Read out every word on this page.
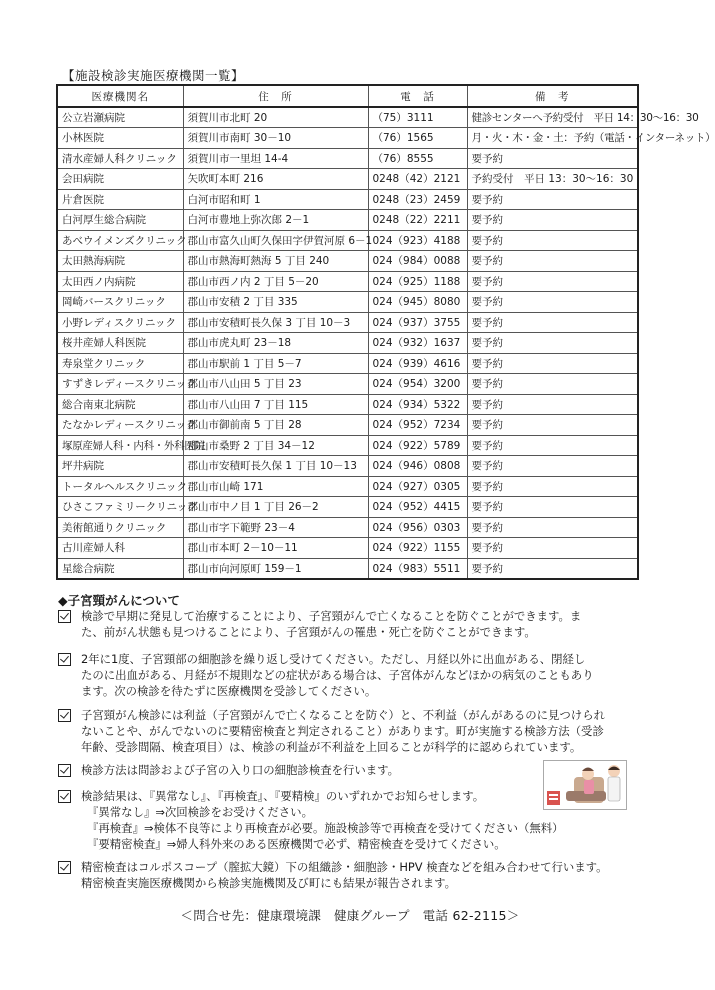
【施設検診実施医療機関一覧】
医療機関名	住　所	電　話	備　考
公立岩瀬病院	須賀川市北町 20	（75）3111	健診センターへ予約受付　平日 14：30～16：30
小林医院	須賀川市南町 30－10	（76）1565	月・火・木・金・土：予約（電話・インターネット）
清水産婦人科クリニック	須賀川市一里坦 14-4	（76）8555	要予約
会田病院	矢吹町本町 216	0248（42）2121	予約受付　平日 13：30～16：30
片倉医院	白河市昭和町 1	0248（23）2459	要予約
白河厚生総合病院	白河市豊地上弥次郎 2－1	0248（22）2211	要予約
あべウイメンズクリニック	郡山市富久山町久保田字伊賀河原 6－1	024（923）4188	要予約
太田熱海病院	郡山市熱海町熱海 5 丁目 240	024（984）0088	要予約
太田西ノ内病院	郡山市西ノ内 2 丁目 5－20	024（925）1188	要予約
岡崎バースクリニック	郡山市安積 2 丁目 335	024（945）8080	要予約
小野レディスクリニック	郡山市安積町長久保 3 丁目 10－3	024（937）3755	要予約
桜井産婦人科医院	郡山市虎丸町 23－18	024（932）1637	要予約
寿泉堂クリニック	郡山市駅前 1 丁目 5－7	024（939）4616	要予約
すずきレディースクリニック	郡山市八山田 5 丁目 23	024（954）3200	要予約
総合南東北病院	郡山市八山田 7 丁目 115	024（934）5322	要予約
たなかレディースクリニック	郡山市御前南 5 丁目 28	024（952）7234	要予約
塚原産婦人科・内科・外科医院	郡山市桑野 2 丁目 34－12	024（922）5789	要予約
坪井病院	郡山市安積町長久保 1 丁目 10－13	024（946）0808	要予約
トータルヘルスクリニック	郡山市山崎 171	024（927）0305	要予約
ひさこファミリークリニック	郡山市中ノ目 1 丁目 26－2	024（952）4415	要予約
美術館通りクリニック	郡山市字下範野 23－4	024（956）0303	要予約
古川産婦人科	郡山市本町 2－10－11	024（922）1155	要予約
星総合病院	郡山市向河原町 159－1	024（983）5511	要予約
◆子宮頸がんについて
検診で早期に発見して治療することにより、子宮頸がんで亡くなることを防ぐことができます。ま
た、前がん状態も見つけることにより、子宮頸がんの罹患・死亡を防ぐことができます。
2年に1度、子宮頸部の細胞診を繰り返し受けてください。ただし、月経以外に出血がある、閉経し
たのに出血がある、月経が不規則などの症状がある場合は、子宮体がんなどほかの病気のこともあり
ます。次の検診を待たずに医療機関を受診してください。
子宮頸がん検診には利益（子宮頸がんで亡くなることを防ぐ）と、不利益（がんがあるのに見つけられ
ないことや、がんでないのに要精密検査と判定されること）があります。町が実施する検診方法（受診
年齢、受診間隔、検査項目）は、検診の利益が不利益を上回ることが科学的に認められています。
検診方法は問診および子宮の入り口の細胞診検査を行います。
検診結果は、『異常なし』、『再検査』、『要精検』のいずれかでお知らせします。
『異常なし』⇒次回検診をお受けください。
『再検査』⇒検体不良等により再検査が必要。施設検診等で再検査を受けてください（無料）
『要精密検査』⇒婦人科外来のある医療機関で必ず、精密検査を受けてください。
精密検査はコルポスコープ（膣拡大鏡）下の組織診・細胞診・HPV 検査などを組み合わせて行います。
精密検査実施医療機関から検診実施機関及び町にも結果が報告されます。
＜問合せ先：健康環境課　健康グループ　電話 62-2115＞
